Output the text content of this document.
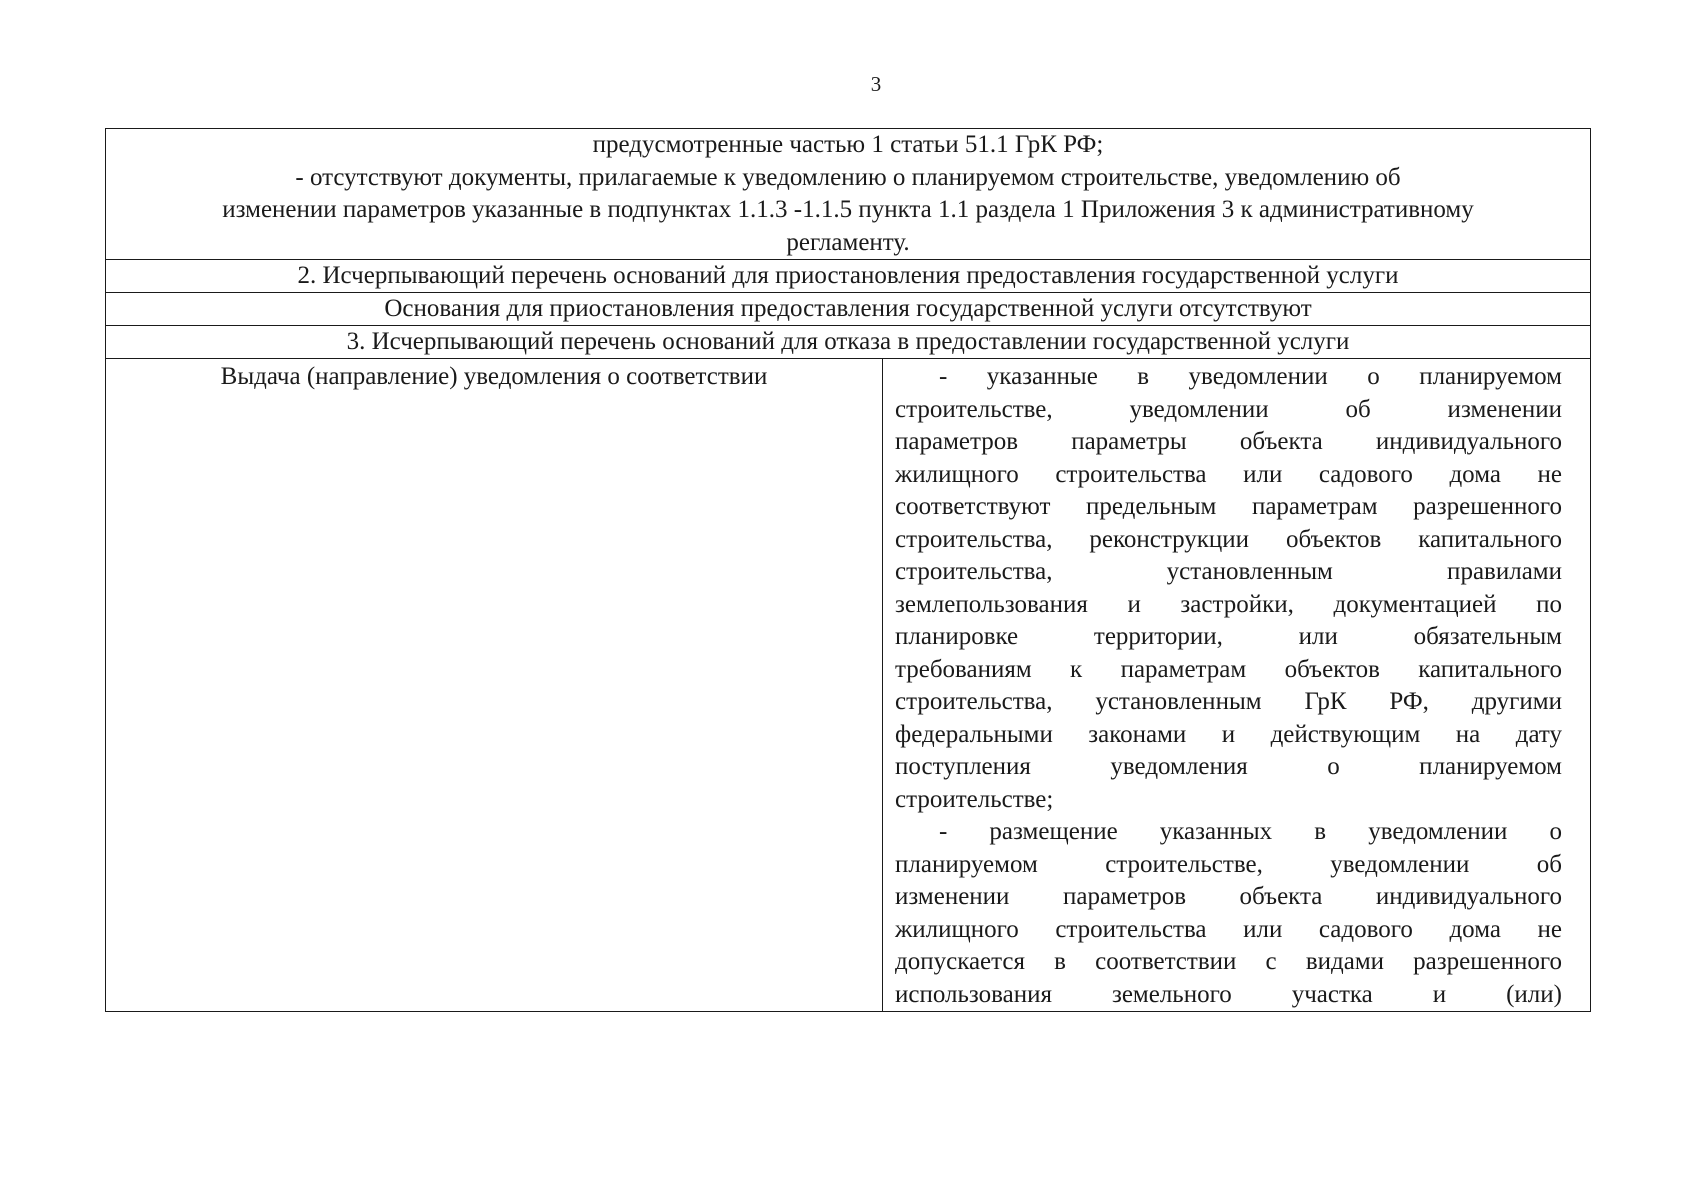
3
предусмотренные частью 1 статьи 51.1 ГрК РФ;
- отсутствуют документы, прилагаемые к уведомлению о планируемом строительстве, уведомлению об
изменении параметров указанные в подпунктах 1.1.3 -1.1.5 пункта 1.1 раздела 1 Приложения 3 к административному
регламенту.

2. Исчерпывающий перечень оснований для приостановления предоставления государственной услуги
Основания для приостановления предоставления государственной услуги отсутствуют
3. Исчерпывающий перечень оснований для отказа в предоставлении государственной услуги
Выдача (направление) уведомления о соответствии	- указанные в уведомлении о планируемом
строительстве, уведомлении об изменении
параметров параметры объекта индивидуального
жилищного строительства или садового дома не
соответствуют предельным параметрам разрешенного
строительства, реконструкции объектов капитального
строительства, установленным правилами
землепользования и застройки, документацией по
планировке территории, или обязательным
требованиям к параметрам объектов капитального
строительства, установленным ГрК РФ, другими
федеральными законами и действующим на дату
поступления уведомления о планируемом
строительстве;
- размещение указанных в уведомлении о
планируемом строительстве, уведомлении об
изменении параметров объекта индивидуального
жилищного строительства или садового дома не
допускается в соответствии с видами разрешенного
использования земельного участка и (или)
